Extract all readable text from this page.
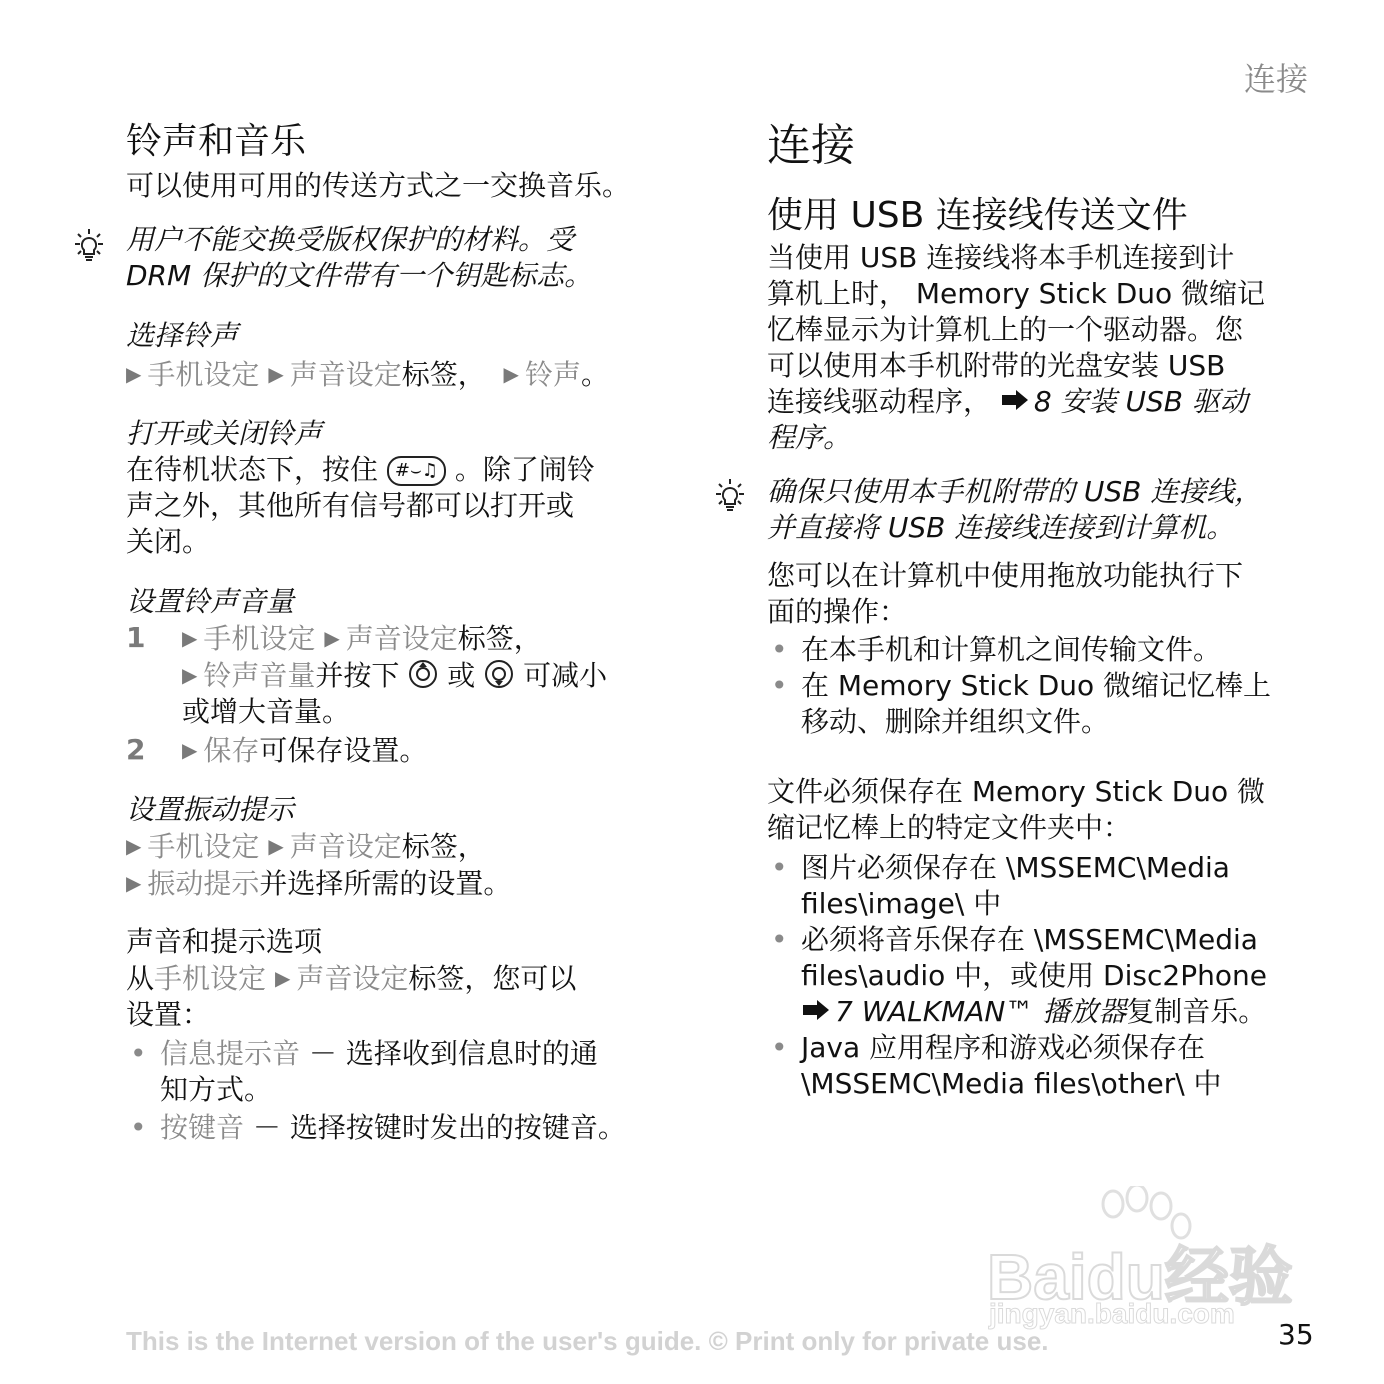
连接
铃声和音乐
可以使用可用的传送方式之一交换音乐。
用户不能交换受版权保护的材料。受
DRM 保护的文件带有一个钥匙标志。
选择铃声
▶ 手机设定 ▶ 声音设定标签， ▶ 铃声。
打开或关闭铃声
在待机状态下，按住 #⌣♫ 。除了闹铃
声之外，其他所有信号都可以打开或
关闭。
设置铃声音量
1 ▶ 手机设定 ▶ 声音设定标签，
▶ 铃声音量并按下 或 可减小
或增大音量。
2 ▶ 保存可保存设置。
设置振动提示
▶ 手机设定 ▶ 声音设定标签，
▶ 振动提示并选择所需的设置。
声音和提示选项
从手机设定 ▶ 声音设定标签，您可以
设置：
• 信息提示音 － 选择收到信息时的通
知方式。
• 按键音 － 选择按键时发出的按键音。
连接
使用 USB 连接线传送文件
当使用 USB 连接线将本手机连接到计
算机上时， Memory Stick Duo 微缩记
忆棒显示为计算机上的一个驱动器。您
可以使用本手机附带的光盘安装 USB
连接线驱动程序， 8 安装 USB 驱动
程序。
确保只使用本手机附带的 USB 连接线，
并直接将 USB 连接线连接到计算机。
您可以在计算机中使用拖放功能执行下
面的操作：
• 在本手机和计算机之间传输文件。
• 在 Memory Stick Duo 微缩记忆棒上
移动、删除并组织文件。
文件必须保存在 Memory Stick Duo 微
缩记忆棒上的特定文件夹中：
• 图片必须保存在 \MSSEMC\Media
files\image\ 中
• 必须将音乐保存在 \MSSEMC\Media
files\audio 中，或使用 Disc2Phone
7 WALKMAN™ 播放器复制音乐。
• Java 应用程序和游戏必须保存在
\MSSEMC\Media files\other\ 中
Baidu经验
jingyan.baidu.com
This is the Internet version of the user's guide. © Print only for private use.	35
